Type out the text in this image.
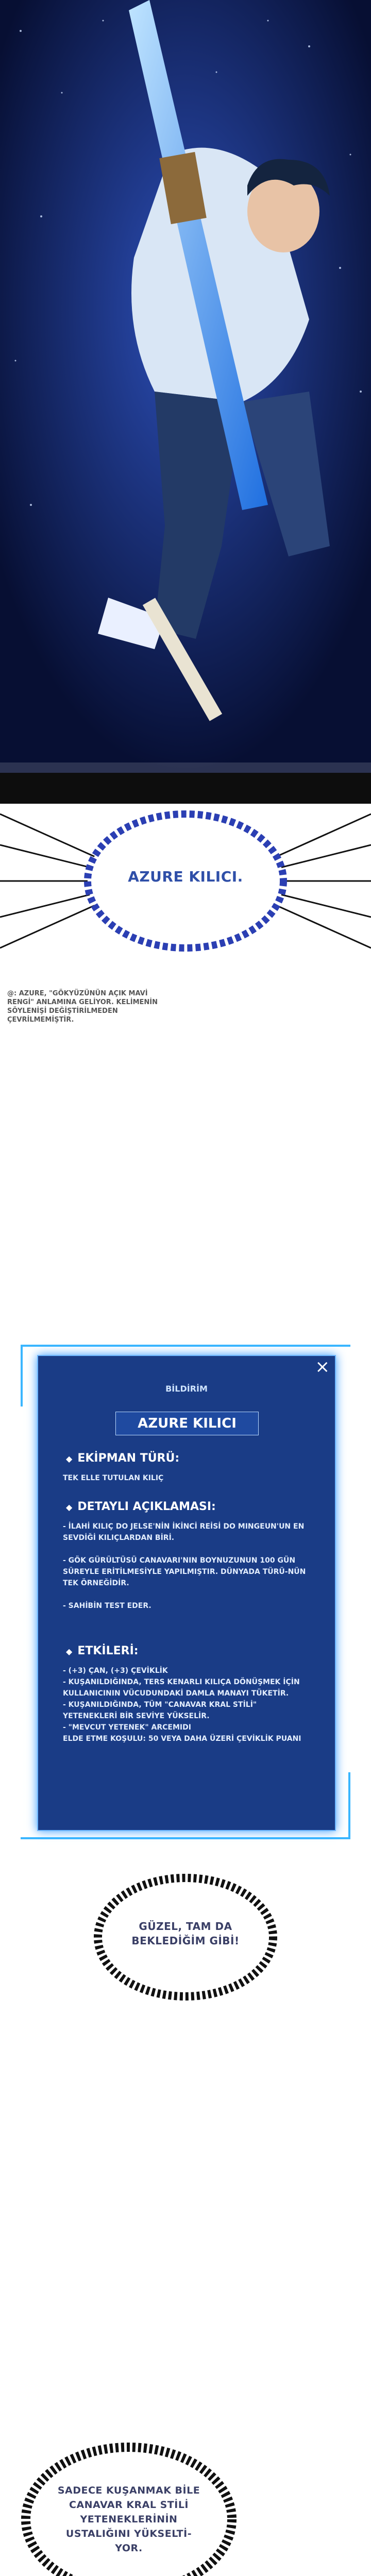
AZURE KILICI.
@: AZURE, "GÖKYÜZÜNÜN AÇIK MAVİ RENGİ" ANLAMINA GELİYOR. KELİMENİN SÖYLENİŞİ DEĞİŞTİRİLMEDEN ÇEVRİLMEMİŞTİR.
×
BİLDİRİM
AZURE KILICI
◆ EKİPMAN TÜRÜ:
TEK ELLE TUTULAN KILIÇ
◆ DETAYLI AÇIKLAMASI:
- İLAHİ KILIÇ DO JELSE'NİN İKİNCİ REİSİ DO MINGEUN'UN EN SEVDİĞİ KILIÇLARDAN BİRİ.

- GÖK GÜRÜLTÜSÜ CANAVARI'NIN BOYNUZUNUN 100 GÜN SÜREYLE ERİTİLMESİYLE YAPILMIŞTIR. DÜNYADA TÜRÜ-NÜN TEK ÖRNEĞİDİR.

- SAHİBİN TEST EDER.
◆ ETKİLERİ:
- (+3) ÇAN, (+3) ÇEVİKLİK
- KUŞANILDIĞINDA, TERS KENARLI KILIÇA DÖNÜŞMEK İÇİN KULLANICININ VÜCUDUNDAKİ DAMLA MANAYI TÜKETİR.
- KUŞANILDIĞINDA, TÜM "CANAVAR KRAL STİLİ" YETENEKLERİ BİR SEVİYE YÜKSELİR.
- "MEVCUT YETENEK" ARCEMIDI
ELDE ETME KOŞULU: 50 VEYA DAHA ÜZERİ ÇEVİKLİK PUANI
GÜZEL, TAM DA BEKLEDİĞİM GİBİ!
SADECE KUŞANMAK BİLE CANAVAR KRAL STİLİ YETENEKLERİNİN USTALIĞINI YÜKSELTİ-YOR.
